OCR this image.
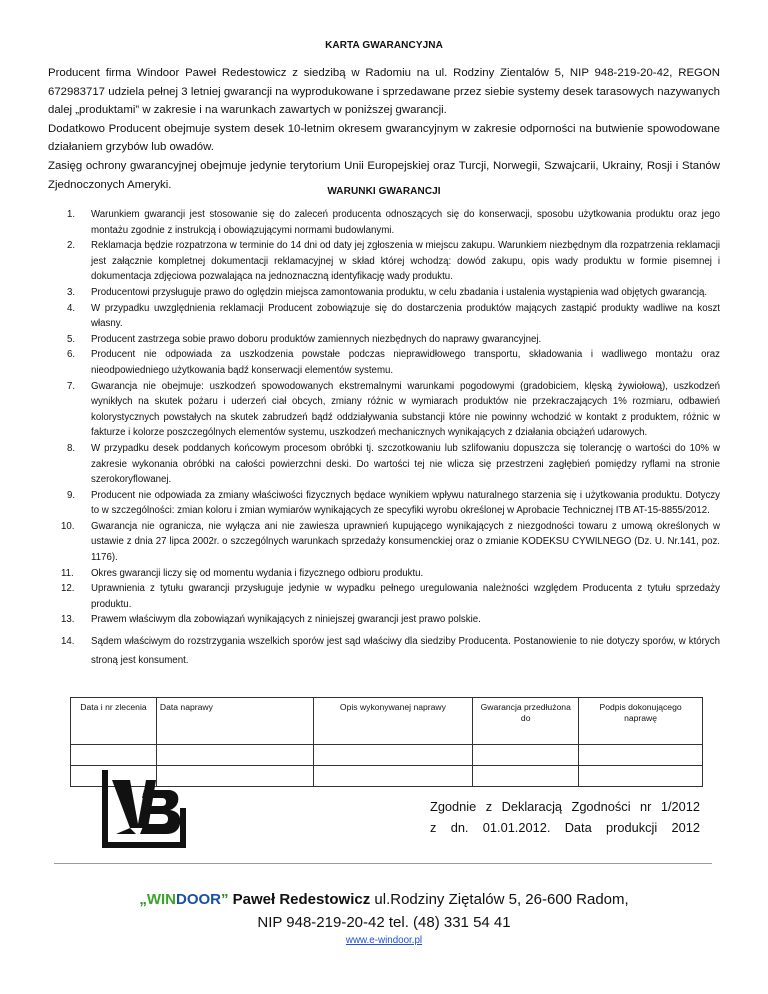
KARTA GWARANCYJNA

Producent firma Windoor Paweł Redestowicz z siedzibą w Radomiu na ul. Rodziny Zientalów 5, NIP 948-219-20-42, REGON 672983717 udziela pełnej 3 letniej gwarancji na wyprodukowane i sprzedawane przez siebie systemy desek tarasowych nazywanych dalej „produktami” w zakresie i na warunkach zawartych w poniższej gwarancji.

Dodatkowo Producent obejmuje system desek 10-letnim okresem gwarancyjnym w zakresie odporności na butwienie spowodowane działaniem grzybów lub owadów.

Zasięg ochrony gwarancyjnej obejmuje jedynie terytorium Unii Europejskiej oraz Turcji, Norwegii, Szwajcarii, Ukrainy, Rosji i Stanów Zjednoczonych Ameryki.

WARUNKI GWARANCJI
1. Warunkiem gwarancji jest stosowanie się do zaleceń producenta odnoszących się do konserwacji, sposobu użytkowania produktu oraz jego montażu zgodnie z instrukcją i obowiązującymi normami budowlanymi.
2. Reklamacja będzie rozpatrzona w terminie do 14 dni od daty jej zgłoszenia w miejscu zakupu. Warunkiem niezbędnym dla rozpatrzenia reklamacji jest załącznie kompletnej dokumentacji reklamacyjnej w skład której wchodzą: dowód zakupu, opis wady produktu w formie pisemnej i dokumentacja zdjęciowa pozwalająca na jednoznaczną identyfikację wady produktu.
3. Producentowi przysługuje prawo do oględzin miejsca zamontowania produktu, w celu zbadania i ustalenia wystąpienia wad objętych gwarancją.
4. W przypadku uwzględnienia reklamacji Producent zobowiązuje się do dostarczenia produktów mających zastąpić produkty wadliwe na koszt własny.
5. Producent zastrzega sobie prawo doboru produktów zamiennych niezbędnych do naprawy gwarancyjnej.
6. Producent nie odpowiada za uszkodzenia powstałe podczas nieprawidłowego transportu, składowania i wadliwego montażu oraz nieodpowiedniego użytkowania bądź konserwacji elementów systemu.
7. Gwarancja nie obejmuje: uszkodzeń spowodowanych ekstremalnymi warunkami pogodowymi (gradobiciem, klęską żywiołową), uszkodzeń wynikłych na skutek pożaru i uderzeń ciał obcych, zmiany różnic w wymiarach produktów nie przekraczających 1% rozmiaru, odbawień kolorystycznych powstałych na skutek zabrudzeń bądź oddziaływania substancji które nie powinny wchodzić w kontakt z produktem, różnic w fakturze i kolorze poszczególnych elementów systemu, uszkodzeń mechanicznych wynikających z działania obciążeń udarowych.
8. W przypadku desek poddanych końcowym procesom obróbki tj. szczotkowaniu lub szlifowaniu dopuszcza się tolerancję o wartości do 10% w zakresie wykonania obróbki na całości powierzchni deski. Do wartości tej nie wlicza się przestrzeni zagłębień pomiędzy ryflami na stronie szerokoryflowanej.
9. Producent nie odpowiada za zmiany właściwości fizycznych będace wynikiem wpływu naturalnego starzenia się i użytkowania produktu. Dotyczy to w szczególności: zmian koloru i zmian wymiarów wynikających ze specyfiki wyrobu określonej w Aprobacie Technicznej ITB AT-15-8855/2012.
10. Gwarancja nie ogranicza, nie wyłącza ani nie zawiesza uprawnień kupującego wynikających z niezgodności towaru z umową określonych w ustawie z dnia 27 lipca 2002r. o szczególnych warunkach sprzedaży konsumenckiej oraz o zmianie KODEKSU CYWILNEGO (Dz. U. Nr.141, poz. 1176).
11. Okres gwarancji liczy się od momentu wydania i fizycznego odbioru produktu.
12. Uprawnienia z tytułu gwarancji przysługuje jedynie w wypadku pełnego uregulowania należności względem Producenta z tytułu sprzedaży produktu.
13. Prawem właściwym dla zobowiązań wynikających z niniejszej gwarancji jest prawo polskie.
14. Sądem właściwym do rozstrzygania wszelkich sporów jest sąd właściwy dla siedziby Producenta. Postanowienie to nie dotyczy sporów, w których stroną jest konsument.
Data i nr zlecenia	Data naprawy	Opis wykonywanej naprawy	Gwarancja przedłużona do	Podpis dokonującego naprawę

Zgodnie z Deklaracją Zgodności nr 1/2012
z dn. 01.01.2012. Data produkcji 2012
„WINDOOR” Paweł Redestowicz ul.Rodziny Ziętalów 5, 26-600 Radom,
NIP 948-219-20-42 tel. (48) 331 54 41
www.e-windoor.pl
